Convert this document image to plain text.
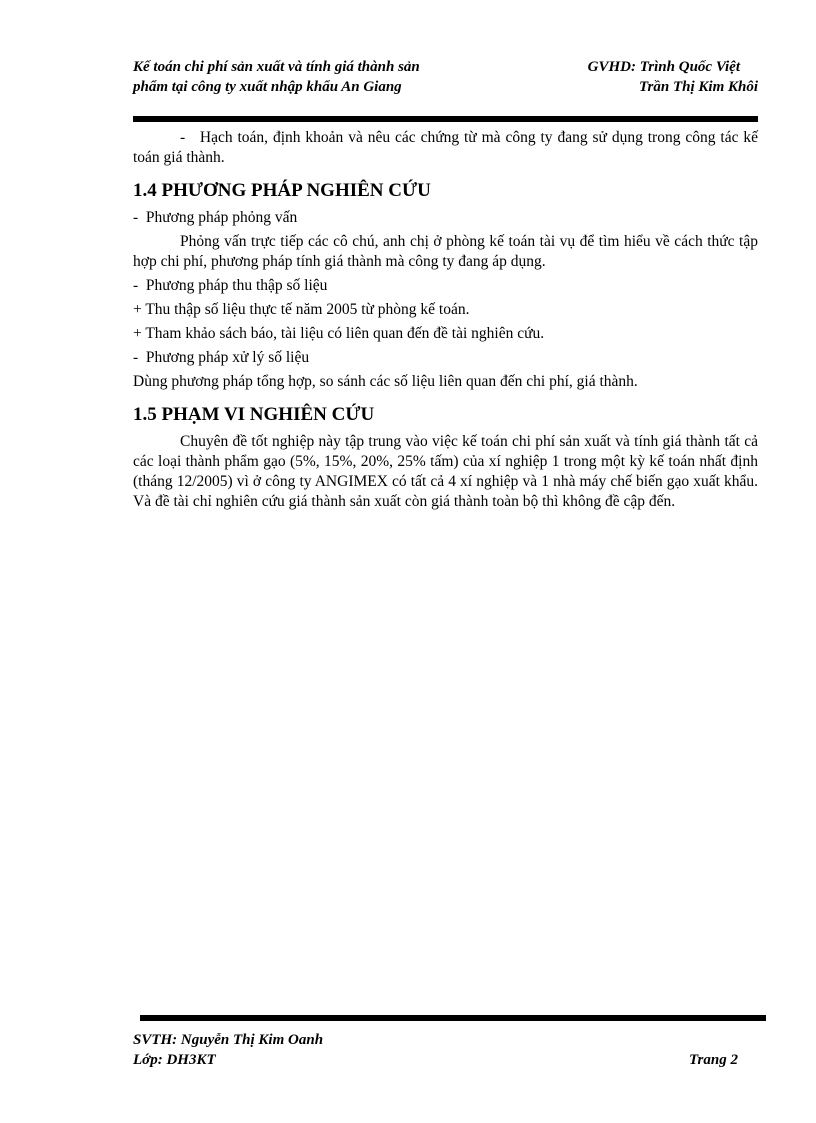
Kế toán chi phí sản xuất và tính giá thành sản
phẩm tại công ty xuất nhập khẩu An Giang
GVHD: Trình Quốc Việt
Trần Thị Kim Khôi

-   Hạch toán, định khoản và nêu các chứng từ mà công ty đang sử dụng trong công tác kế toán giá thành.

1.4 PHƯƠNG PHÁP NGHIÊN CỨU

-  Phương pháp phỏng vấn

Phỏng vấn trực tiếp các cô chú, anh chị ở phòng kế toán tài vụ để tìm hiểu về cách thức tập hợp chi phí, phương pháp tính giá thành mà công ty đang áp dụng.

-  Phương pháp thu thập số liệu

+ Thu thập số liệu thực tế năm 2005 từ phòng kế toán.

+ Tham khảo sách báo, tài liệu có liên quan đến đề tài nghiên cứu.

-  Phương pháp xử lý số liệu

Dùng phương pháp tổng hợp, so sánh các số liệu liên quan đến chi phí, giá thành.

1.5 PHẠM VI NGHIÊN CỨU

Chuyên đề tốt nghiệp này tập trung vào việc kế toán chi phí sản xuất và tính giá thành tất cả các loại thành phẩm gạo (5%, 15%, 20%, 25% tấm) của xí nghiệp 1 trong một kỳ kế toán nhất định (tháng 12/2005) vì ở công ty ANGIMEX có tất cả 4 xí nghiệp và 1 nhà máy chế biến gạo xuất khẩu. Và đề tài chỉ nghiên cứu giá thành sản xuất còn giá thành toàn bộ thì không đề cập đến.

SVTH: Nguyễn Thị Kim Oanh
Lớp: DH3KT	Trang 2
